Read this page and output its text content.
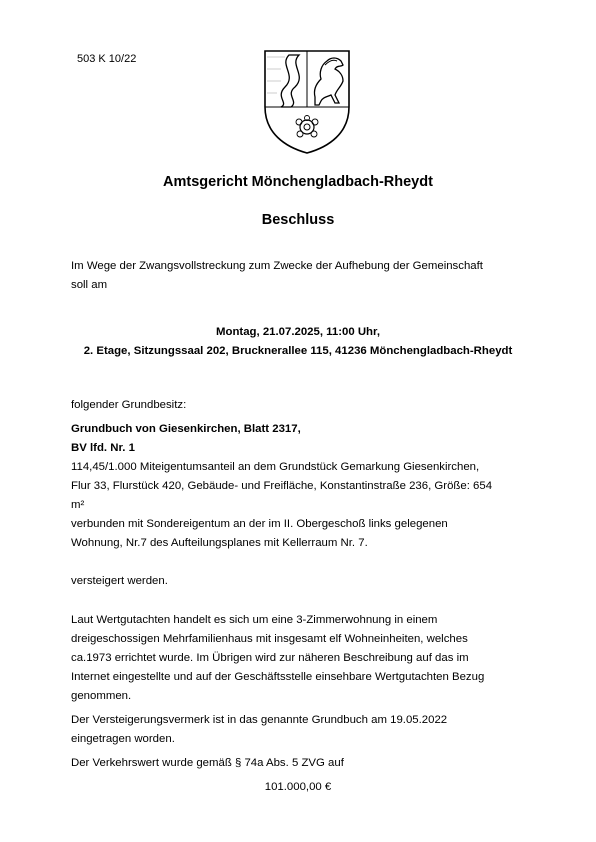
503 K 10/22
Amtsgericht Mönchengladbach-Rheydt
Beschluss
Im Wege der Zwangsvollstreckung zum Zwecke der Aufhebung der Gemeinschaft
soll am
Montag, 21.07.2025, 11:00 Uhr,
2. Etage, Sitzungssaal 202, Brucknerallee 115, 41236 Mönchengladbach-Rheydt

folgender Grundbesitz:

Grundbuch von Giesenkirchen, Blatt 2317,

BV lfd. Nr. 1

114,45/1.000 Miteigentumsanteil an dem Grundstück Gemarkung Giesenkirchen,

Flur 33, Flurstück 420, Gebäude- und Freifläche, Konstantinstraße 236, Größe: 654

m²

verbunden mit Sondereigentum an der im II. Obergeschoß links gelegenen

Wohnung, Nr.7 des Aufteilungsplanes mit Kellerraum Nr. 7.

versteigert werden.

Laut Wertgutachten handelt es sich um eine 3-Zimmerwohnung in einem

dreigeschossigen Mehrfamilienhaus mit insgesamt elf Wohneinheiten, welches

ca.1973 errichtet wurde. Im Übrigen wird zur näheren Beschreibung auf das im

Internet eingestellte und auf der Geschäftsstelle einsehbare Wertgutachten Bezug

genommen.

Der Versteigerungsvermerk ist in das genannte Grundbuch am 19.05.2022

eingetragen worden.

Der Verkehrswert wurde gemäß § 74a Abs. 5 ZVG auf

101.000,00 €
